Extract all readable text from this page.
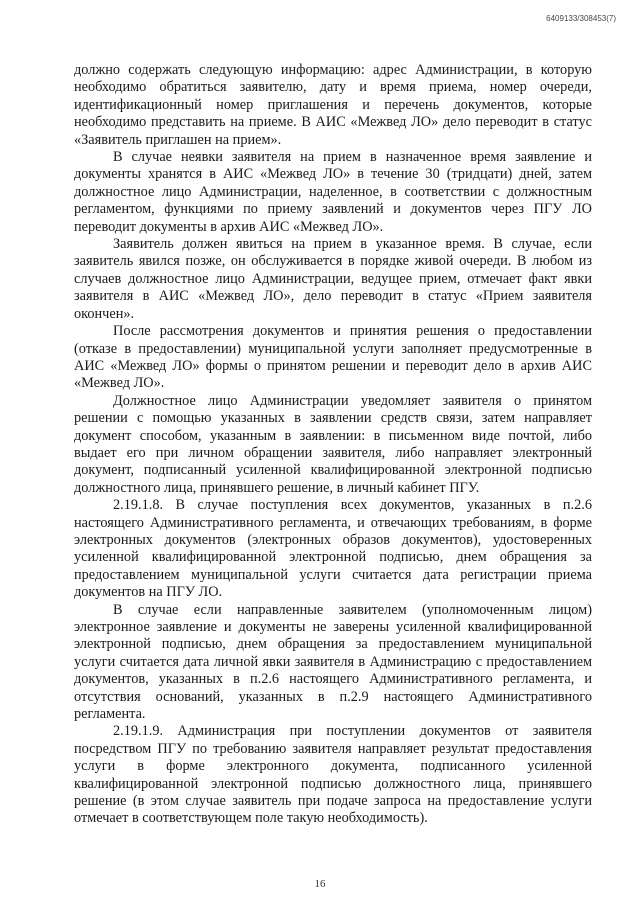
6409133/308453(7)

должно содержать следующую информацию: адрес Администрации, в которую необходимо обратиться заявителю, дату и время приема, номер очереди, идентификационный номер приглашения и перечень документов, которые необходимо представить на приеме. В АИС «Межвед ЛО» дело переводит в статус «Заявитель приглашен на прием».

В случае неявки заявителя на прием в назначенное время заявление и документы хранятся в АИС «Межвед ЛО» в течение 30 (тридцати) дней, затем должностное лицо Администрации, наделенное, в соответствии с должностным регламентом, функциями по приему заявлений и документов через ПГУ ЛО переводит документы в архив АИС «Межвед ЛО».

Заявитель должен явиться на прием в указанное время. В случае, если заявитель явился позже, он обслуживается в порядке живой очереди. В любом из случаев должностное лицо Администрации, ведущее прием, отмечает факт явки заявителя в АИС «Межвед ЛО», дело переводит в статус «Прием заявителя окончен».

После рассмотрения документов и принятия решения о предоставлении (отказе в предоставлении) муниципальной услуги заполняет предусмотренные в АИС «Межвед ЛО» формы о принятом решении и переводит дело в архив АИС «Межвед ЛО».

Должностное лицо Администрации уведомляет заявителя о принятом решении с помощью указанных в заявлении средств связи, затем направляет документ способом, указанным в заявлении: в письменном виде почтой, либо выдает его при личном обращении заявителя, либо направляет электронный документ, подписанный усиленной квалифицированной электронной подписью должностного лица, принявшего решение, в личный кабинет ПГУ.

2.19.1.8. В случае поступления всех документов, указанных в п.2.6 настоящего Административного регламента, и отвечающих требованиям, в форме электронных документов (электронных образов документов), удостоверенных усиленной квалифицированной электронной подписью, днем обращения за предоставлением муниципальной услуги считается дата регистрации приема документов на ПГУ ЛО.

В случае если направленные заявителем (уполномоченным лицом) электронное заявление и документы не заверены усиленной квалифицированной электронной подписью, днем обращения за предоставлением муниципальной услуги считается дата личной явки заявителя в Администрацию с предоставлением документов, указанных в п.2.6 настоящего Административного регламента, и отсутствия оснований, указанных в п.2.9 настоящего Административного регламента.

2.19.1.9. Администрация при поступлении документов от заявителя посредством ПГУ по требованию заявителя направляет результат предоставления услуги в форме электронного документа, подписанного усиленной квалифицированной электронной подписью должностного лица, принявшего решение (в этом случае заявитель при подаче запроса на предоставление услуги отмечает в соответствующем поле такую необходимость).

16
